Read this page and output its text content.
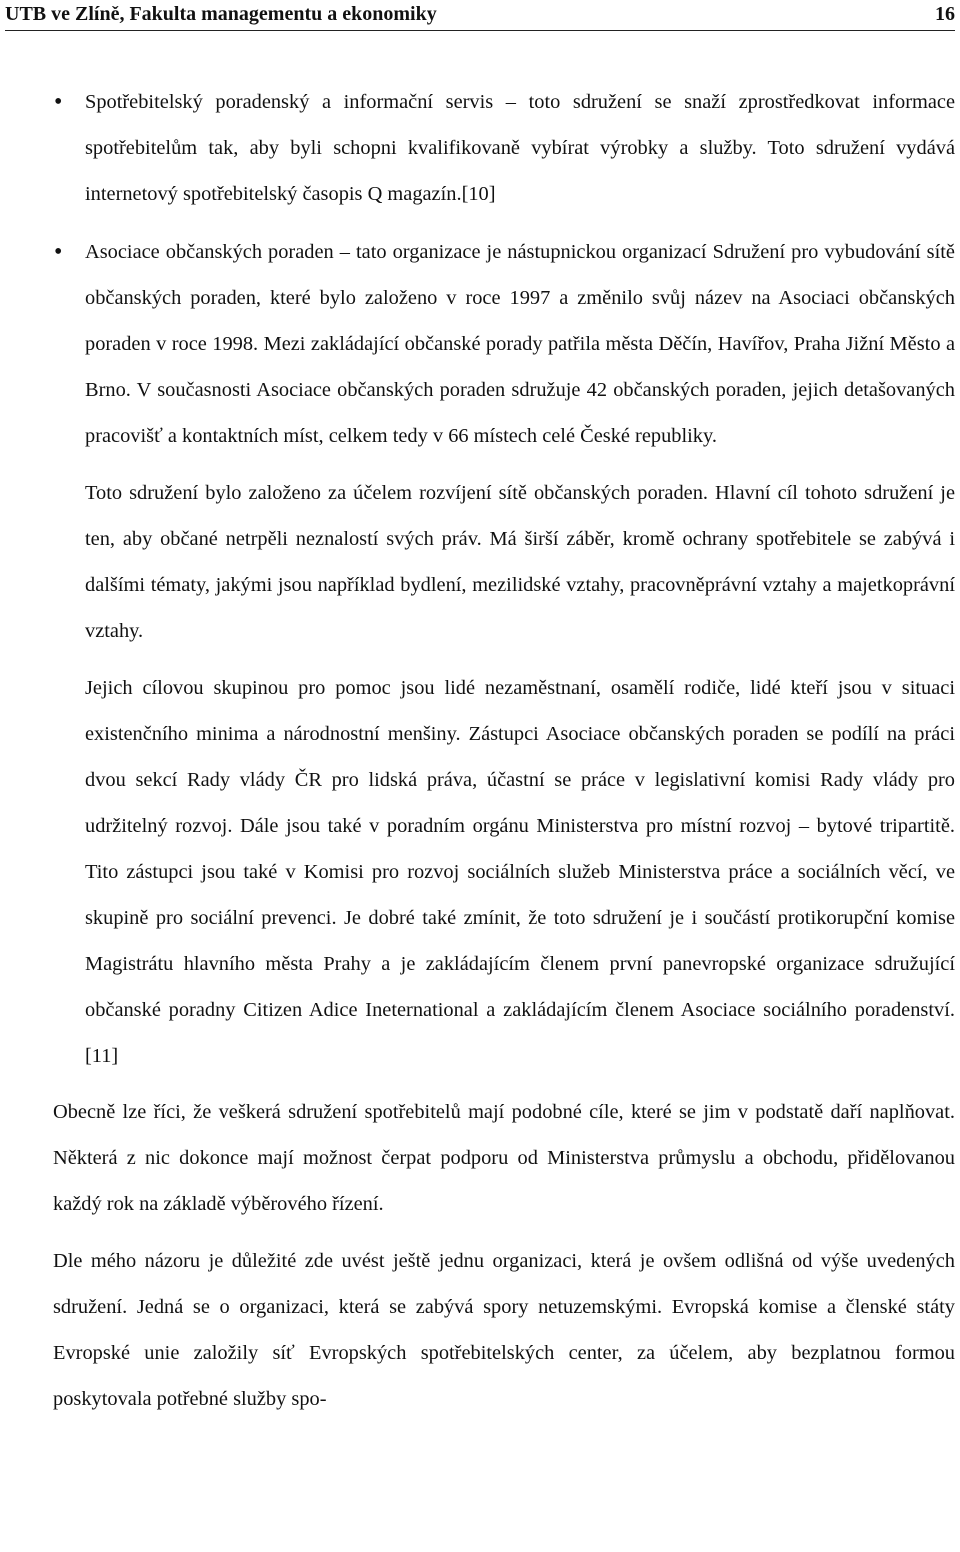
UTB ve Zlíně, Fakulta managementu a ekonomiky	16
• Spotřebitelský poradenský a informační servis – toto sdružení se snaží zprostředkovat informace spotřebitelům tak, aby byli schopni kvalifikovaně vybírat výrobky a služby. Toto sdružení vydává internetový spotřebitelský časopis Q magazín.[10]
• Asociace občanských poraden – tato organizace je nástupnickou organizací Sdružení pro vybudování sítě občanských poraden, které bylo založeno v roce 1997 a změnilo svůj název na Asociaci občanských poraden v roce 1998. Mezi zakládající občanské porady patřila města Děčín, Havířov, Praha Jižní Město a Brno. V současnosti Asociace občanských poraden sdružuje 42 občanských poraden, jejich detašovaných pracovišť a kontaktních míst, celkem tedy v 66 místech celé České republiky.

Toto sdružení bylo založeno za účelem rozvíjení sítě občanských poraden. Hlavní cíl tohoto sdružení je ten, aby občané netrpěli neznalostí svých práv. Má širší záběr, kromě ochrany spotřebitele se zabývá i dalšími tématy, jakými jsou například bydlení, mezilidské vztahy, pracovněprávní vztahy a majetkoprávní vztahy.

Jejich cílovou skupinou pro pomoc jsou lidé nezaměstnaní, osamělí rodiče, lidé kteří jsou v situaci existenčního minima a národnostní menšiny. Zástupci Asociace občanských poraden se podílí na práci dvou sekcí Rady vlády ČR pro lidská práva, účastní se práce v legislativní komisi Rady vlády pro udržitelný rozvoj. Dále jsou také v poradním orgánu Ministerstva pro místní rozvoj – bytové tripartitě. Tito zástupci jsou také v Komisi pro rozvoj sociálních služeb Ministerstva práce a sociálních věcí, ve skupině pro sociální prevenci. Je dobré také zmínit, že toto sdružení je i součástí protikorupční komise Magistrátu hlavního města Prahy a je zakládajícím členem první panevropské organizace sdružující občanské poradny Citizen Adice Ineternational a zakládajícím členem Asociace sociálního poradenství.[11]

Obecně lze říci, že veškerá sdružení spotřebitelů mají podobné cíle, které se jim v podstatě daří naplňovat. Některá z nic dokonce mají možnost čerpat podporu od Ministerstva průmyslu a obchodu, přidělovanou každý rok na základě výběrového řízení.

Dle mého názoru je důležité zde uvést ještě jednu organizaci, která je ovšem odlišná od výše uvedených sdružení. Jedná se o organizaci, která se zabývá spory netuzemskými. Evropská komise a členské státy Evropské unie založily síť Evropských spotřebitelských center, za účelem, aby bezplatnou formou poskytovala potřebné služby spo-
